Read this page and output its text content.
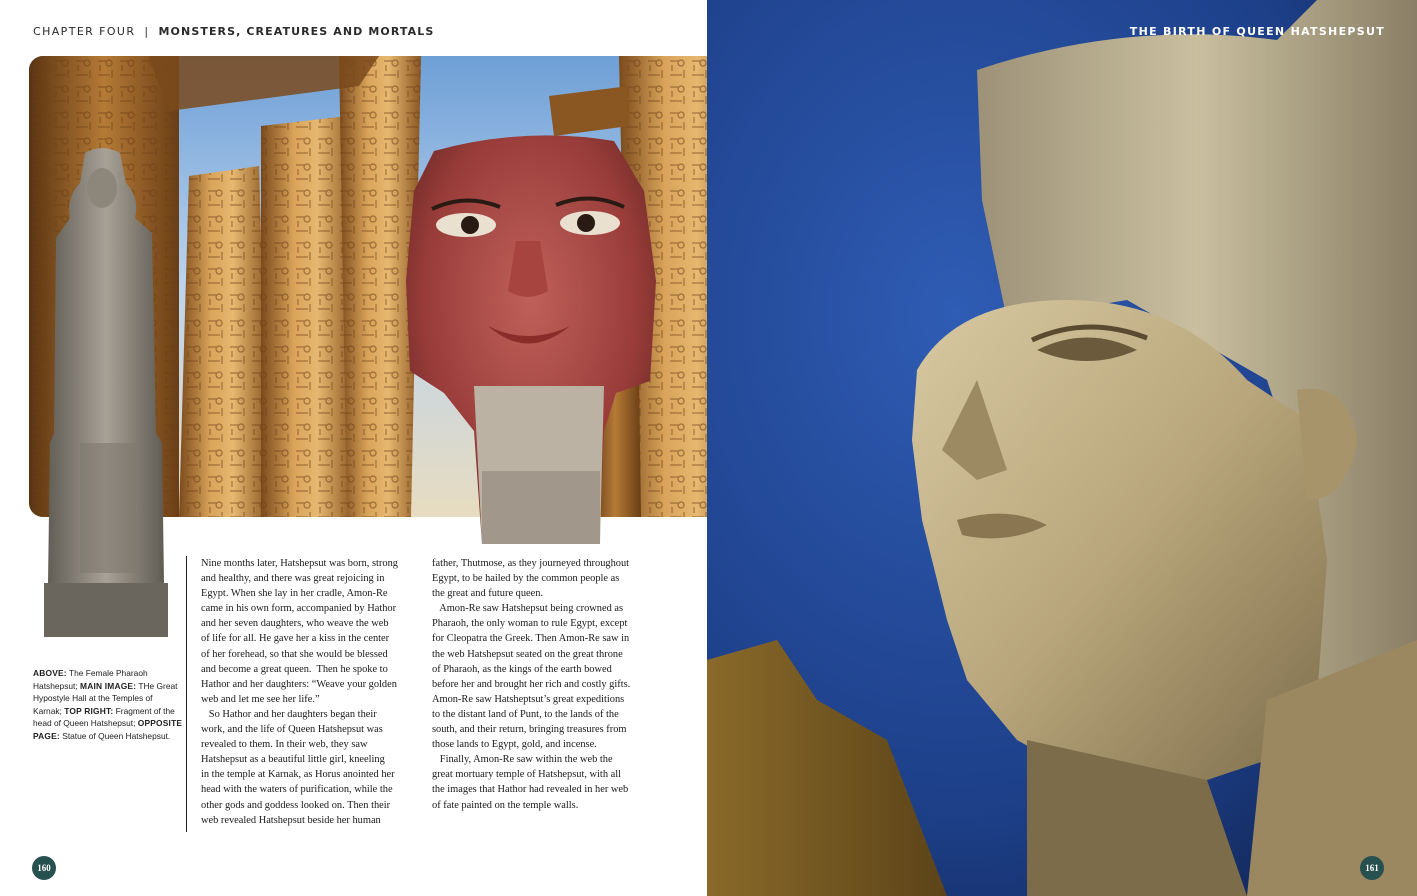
CHAPTER FOUR | MONSTERS, CREATURES AND MORTALS
ABOVE: The Female Pharaoh Hatshepsut; MAIN IMAGE: THe Great Hypostyle Hall at the Temples of Karnak; TOP RIGHT: Fragment of the head of Queen Hatshepsut; OPPOSITE PAGE: Statue of Queen Hatshepsut.

Nine months later, Hatshepsut was born, strong

and healthy, and there was great rejoicing in

Egypt. When she lay in her cradle, Amon-Re

came in his own form, accompanied by Hathor

and her seven daughters, who weave the web

of life for all. He gave her a kiss in the center

of her forehead, so that she would be blessed

and become a great queen.  Then he spoke to

Hathor and her daughters: “Weave your golden

web and let me see her life.”

So Hathor and her daughters began their

work, and the life of Queen Hatshepsut was

revealed to them. In their web, they saw

Hatshepsut as a beautiful little girl, kneeling

in the temple at Karnak, as Horus anointed her

head with the waters of purification, while the

other gods and goddess looked on. Then their

web revealed Hatshepsut beside her human

father, Thutmose, as they journeyed throughout

Egypt, to be hailed by the common people as

the great and future queen.

Amon-Re saw Hatshepsut being crowned as

Pharaoh, the only woman to rule Egypt, except

for Cleopatra the Greek. Then Amon-Re saw in

the web Hatshepsut seated on the great throne

of Pharaoh, as the kings of the earth bowed

before her and brought her rich and costly gifts.

Amon-Re saw Hatsheptsut’s great expeditions

to the distant land of Punt, to the lands of the

south, and their return, bringing treasures from

those lands to Egypt, gold, and incense.

Finally, Amon-Re saw within the web the

great mortuary temple of Hatshepsut, with all

the images that Hathor had revealed in her web

of fate painted on the temple walls.

160
THE BIRTH OF QUEEN HATSHEPSUT
161
